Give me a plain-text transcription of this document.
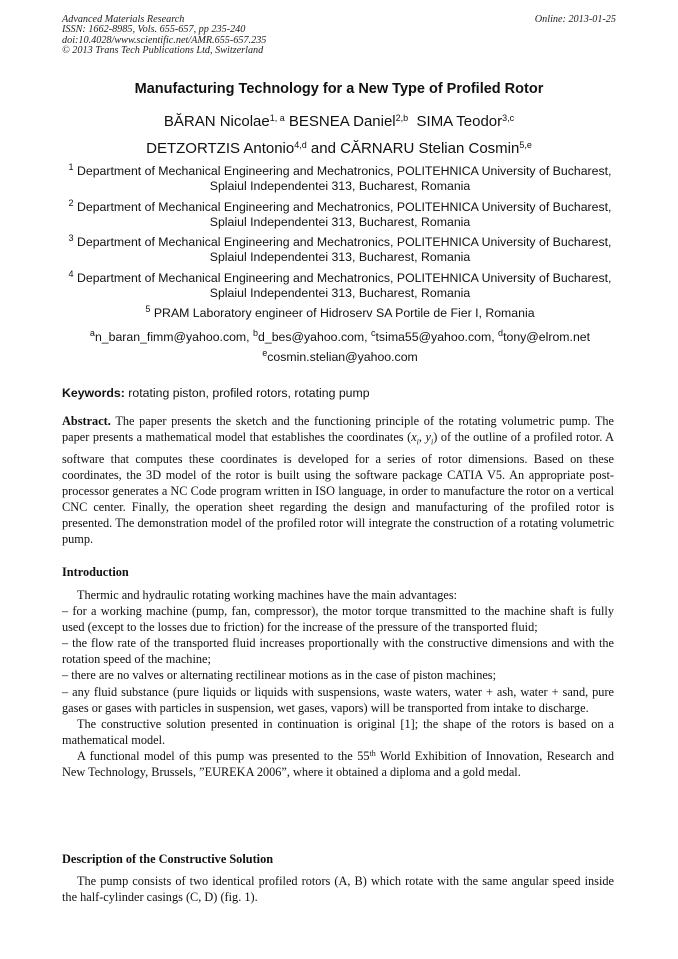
Advanced Materials Research
ISSN: 1662-8985, Vols. 655-657, pp 235-240
doi:10.4028/www.scientific.net/AMR.655-657.235
© 2013 Trans Tech Publications Ltd, Switzerland
Online: 2013-01-25
Manufacturing Technology for a New Type of Profiled Rotor
BĂRAN Nicolae$^{1, a}$ BESNEA Daniel$^{2,b}$ SIMA Teodor$^{3,c}$
DETZORTZIS Antonio$^{4,d}$ and CĂRNARU Stelian Cosmin$^{5,e}$
$^1$ Department of Mechanical Engineering and Mechatronics, POLITEHNICA University of Bucharest,
Splaiul Independentei 313, Bucharest, Romania
$^2$ Department of Mechanical Engineering and Mechatronics, POLITEHNICA University of Bucharest,
Splaiul Independentei 313, Bucharest, Romania
$^3$ Department of Mechanical Engineering and Mechatronics, POLITEHNICA University of Bucharest,
Splaiul Independentei 313, Bucharest, Romania
$^4$ Department of Mechanical Engineering and Mechatronics, POLITEHNICA University of Bucharest,
Splaiul Independentei 313, Bucharest, Romania
$^5$ PRAM Laboratory engineer of Hidroserv SA Portile de Fier I, Romania
$^a$n_baran_fimm@yahoo.com, $^b$d_bes@yahoo.com, $^c$tsima55@yahoo.com, $^d$tony@elrom.net
$^e$cosmin.stelian@yahoo.com
Keywords: rotating piston, profiled rotors, rotating pump

Abstract. The paper presents the sketch and the functioning principle of the rotating volumetric pump. The paper presents a mathematical model that establishes the coordinates ($x_i$, $y_i$) of the outline of a profiled rotor. A software that computes these coordinates is developed for a series of rotor dimensions. Based on these coordinates, the 3D model of the rotor is built using the software package CATIA V5. An appropriate post-processor generates a NC Code program written in ISO language, in order to manufacture the rotor on a vertical CNC center. Finally, the operation sheet regarding the design and manufacturing of the profiled rotor is presented. The demonstration model of the profiled rotor will integrate the construction of a rotating volumetric pump.

Introduction

Thermic and hydraulic rotating working machines have the main advantages:

– for a working machine (pump, fan, compressor), the motor torque transmitted to the machine shaft is fully used (except to the losses due to friction) for the increase of the pressure of the transported fluid;

– the flow rate of the transported fluid increases proportionally with the constructive dimensions and with the rotation speed of the machine;

– there are no valves or alternating rectilinear motions as in the case of piston machines;

– any fluid substance (pure liquids or liquids with suspensions, waste waters, water + ash, water + sand, pure gases or gases with particles in suspension, wet gases, vapors) will be transported from intake to discharge.

The constructive solution presented in continuation is original [1]; the shape of the rotors is based on a mathematical model.

A functional model of this pump was presented to the 55th World Exhibition of Innovation, Research and New Technology, Brussels, ”EUREKA 2006”, where it obtained a diploma and a gold medal.

Description of the Constructive Solution

The pump consists of two identical profiled rotors (A, B) which rotate with the same angular speed inside the half-cylinder casings (C, D) (fig. 1).
